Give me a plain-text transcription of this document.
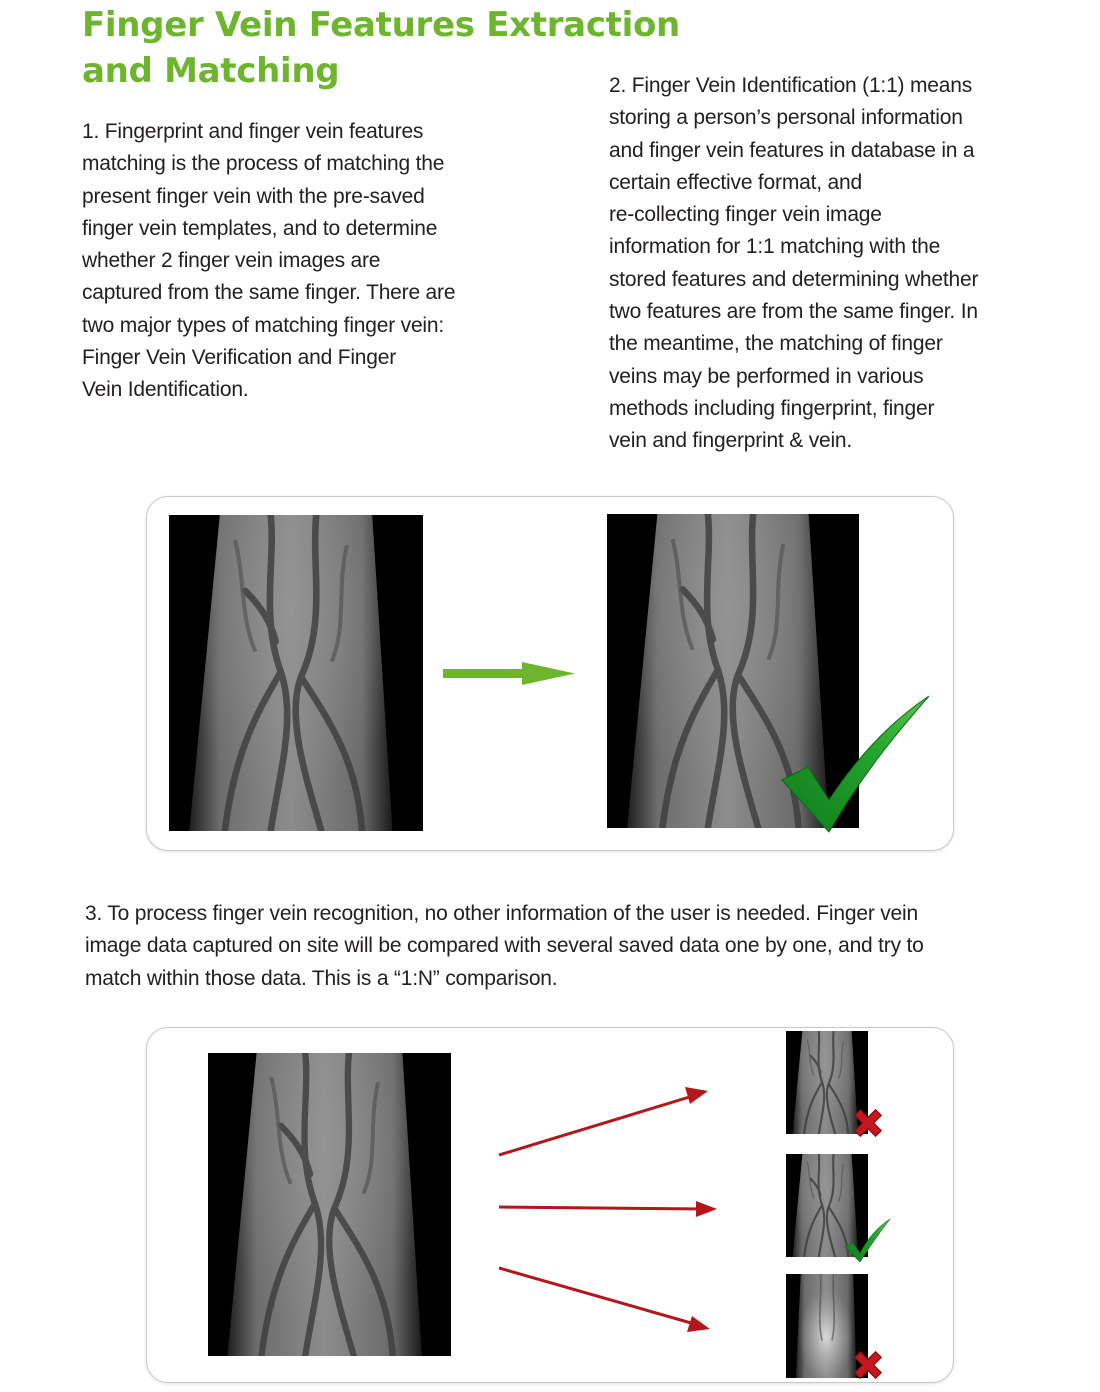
Finger Vein Features Extraction
and Matching

1. Fingerprint and finger vein features
matching is the process of matching the
present finger vein with the pre-saved
finger vein templates, and to determine
whether 2 finger vein images are
captured from the same finger. There are
two major types of matching finger vein:
Finger Vein Verification and Finger
Vein Identification.

2. Finger Vein Identification (1:1) means
storing a person’s personal information
and finger vein features in database in a
certain effective format, and
re-collecting finger vein image
information for 1:1 matching with the
stored features and determining whether
two features are from the same finger. In
the meantime, the matching of finger
veins may be performed in various
methods including fingerprint, finger
vein and fingerprint & vein.

3. To process finger vein recognition, no other information of the user is needed. Finger vein
image data captured on site will be compared with several saved data one by one, and try to
match within those data. This is a “1:N” comparison.
